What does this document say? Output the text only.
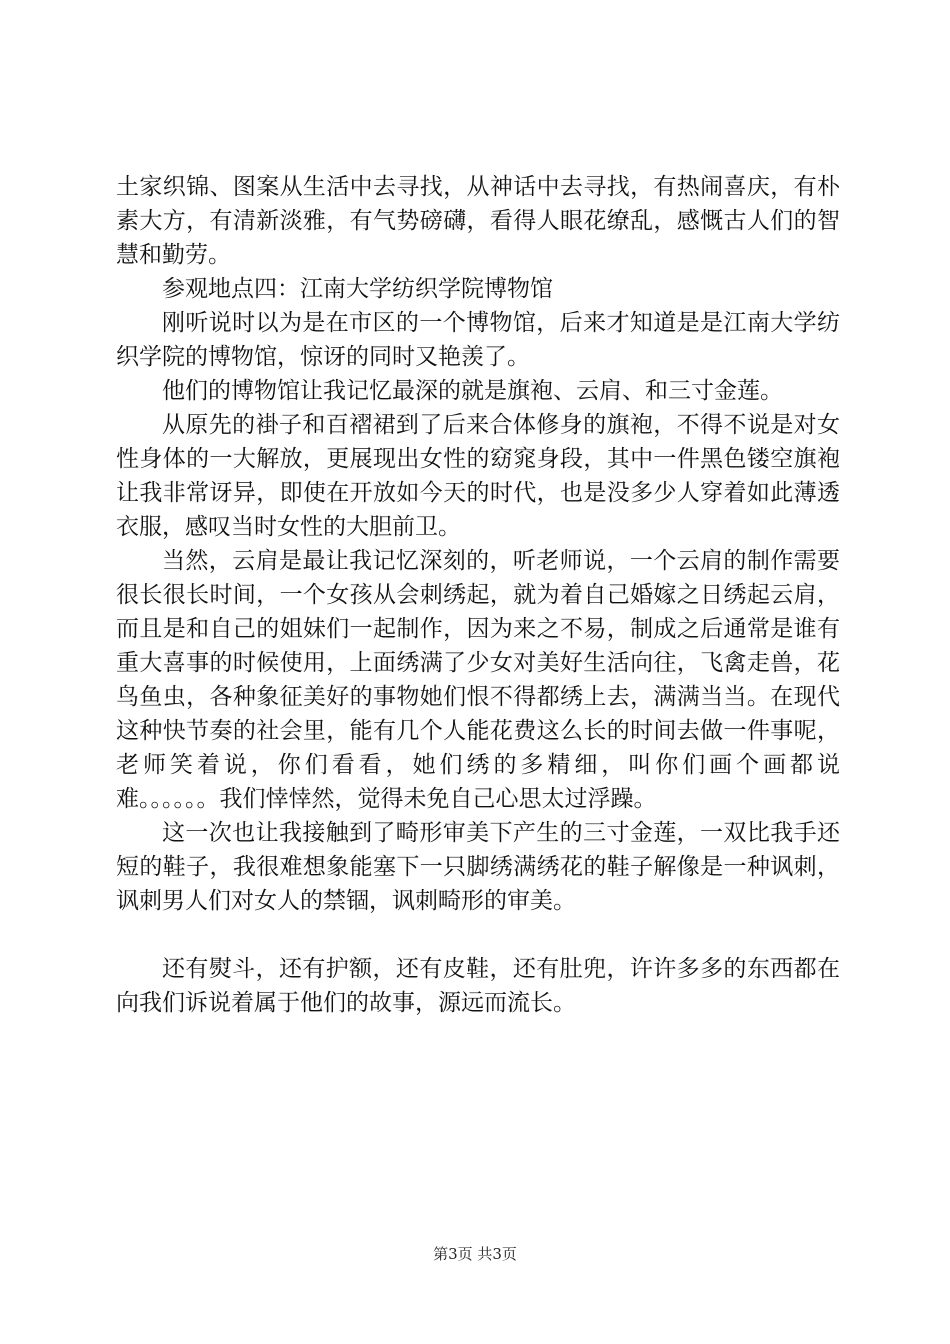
土家织锦、图案从生活中去寻找，从神话中去寻找，有热闹喜庆，有朴素大方，有清新淡雅，有气势磅礴，看得人眼花缭乱，感慨古人们的智慧和勤劳。

参观地点四：江南大学纺织学院博物馆

刚听说时以为是在市区的一个博物馆，后来才知道是是江南大学纺织学院的博物馆，惊讶的同时又艳羡了。

他们的博物馆让我记忆最深的就是旗袍、云肩、和三寸金莲。

从原先的褂子和百褶裙到了后来合体修身的旗袍，不得不说是对女性身体的一大解放，更展现出女性的窈窕身段，其中一件黑色镂空旗袍让我非常讶异，即使在开放如今天的时代，也是没多少人穿着如此薄透衣服，感叹当时女性的大胆前卫。

当然，云肩是最让我记忆深刻的，听老师说，一个云肩的制作需要很长很长时间，一个女孩从会刺绣起，就为着自己婚嫁之日绣起云肩，而且是和自己的姐妹们一起制作，因为来之不易，制成之后通常是谁有重大喜事的时候使用，上面绣满了少女对美好生活向往，飞禽走兽，花鸟鱼虫，各种象征美好的事物她们恨不得都绣上去，满满当当。在现代这种快节奏的社会里，能有几个人能花费这么长的时间去做一件事呢，老师笑着说，你们看看，她们绣的多精细，叫你们画个画都说难。。。。。。我们悻悻然，觉得未免自己心思太过浮躁。

这一次也让我接触到了畸形审美下产生的三寸金莲，一双比我手还短的鞋子，我很难想象能塞下一只脚绣满绣花的鞋子解像是一种讽刺，讽刺男人们对女人的禁锢，讽刺畸形的审美。

还有熨斗，还有护额，还有皮鞋，还有肚兜，许许多多的东西都在向我们诉说着属于他们的故事，源远而流长。

第3页 共3页
